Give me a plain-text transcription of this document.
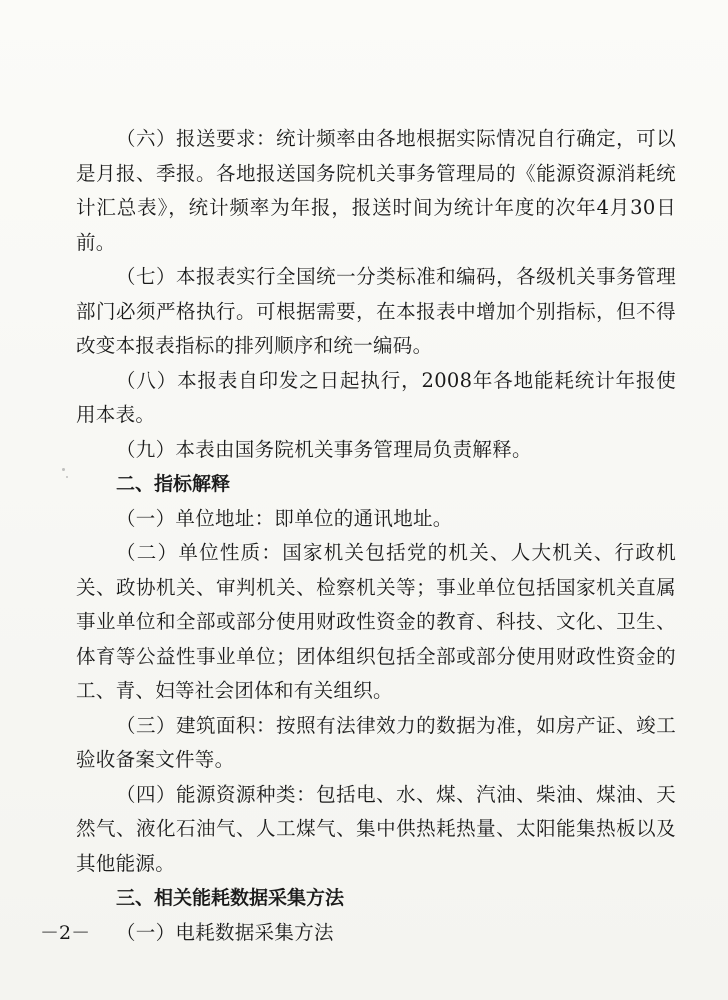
（六）报送要求：统计频率由各地根据实际情况自行确定，可以是月报、季报。各地报送国务院机关事务管理局的《能源资源消耗统计汇总表》，统计频率为年报，报送时间为统计年度的次年4月30日前。

（七）本报表实行全国统一分类标准和编码，各级机关事务管理部门必须严格执行。可根据需要，在本报表中增加个别指标，但不得改变本报表指标的排列顺序和统一编码。

（八）本报表自印发之日起执行，2008年各地能耗统计年报使用本表。

（九）本表由国务院机关事务管理局负责解释。

二、指标解释

（一）单位地址：即单位的通讯地址。

（二）单位性质：国家机关包括党的机关、人大机关、行政机关、政协机关、审判机关、检察机关等；事业单位包括国家机关直属事业单位和全部或部分使用财政性资金的教育、科技、文化、卫生、体育等公益性事业单位；团体组织包括全部或部分使用财政性资金的工、青、妇等社会团体和有关组织。

（三）建筑面积：按照有法律效力的数据为准，如房产证、竣工验收备案文件等。

（四）能源资源种类：包括电、水、煤、汽油、柴油、煤油、天然气、液化石油气、人工煤气、集中供热耗热量、太阳能集热板以及其他能源。

三、相关能耗数据采集方法

（一）电耗数据采集方法

－2－
